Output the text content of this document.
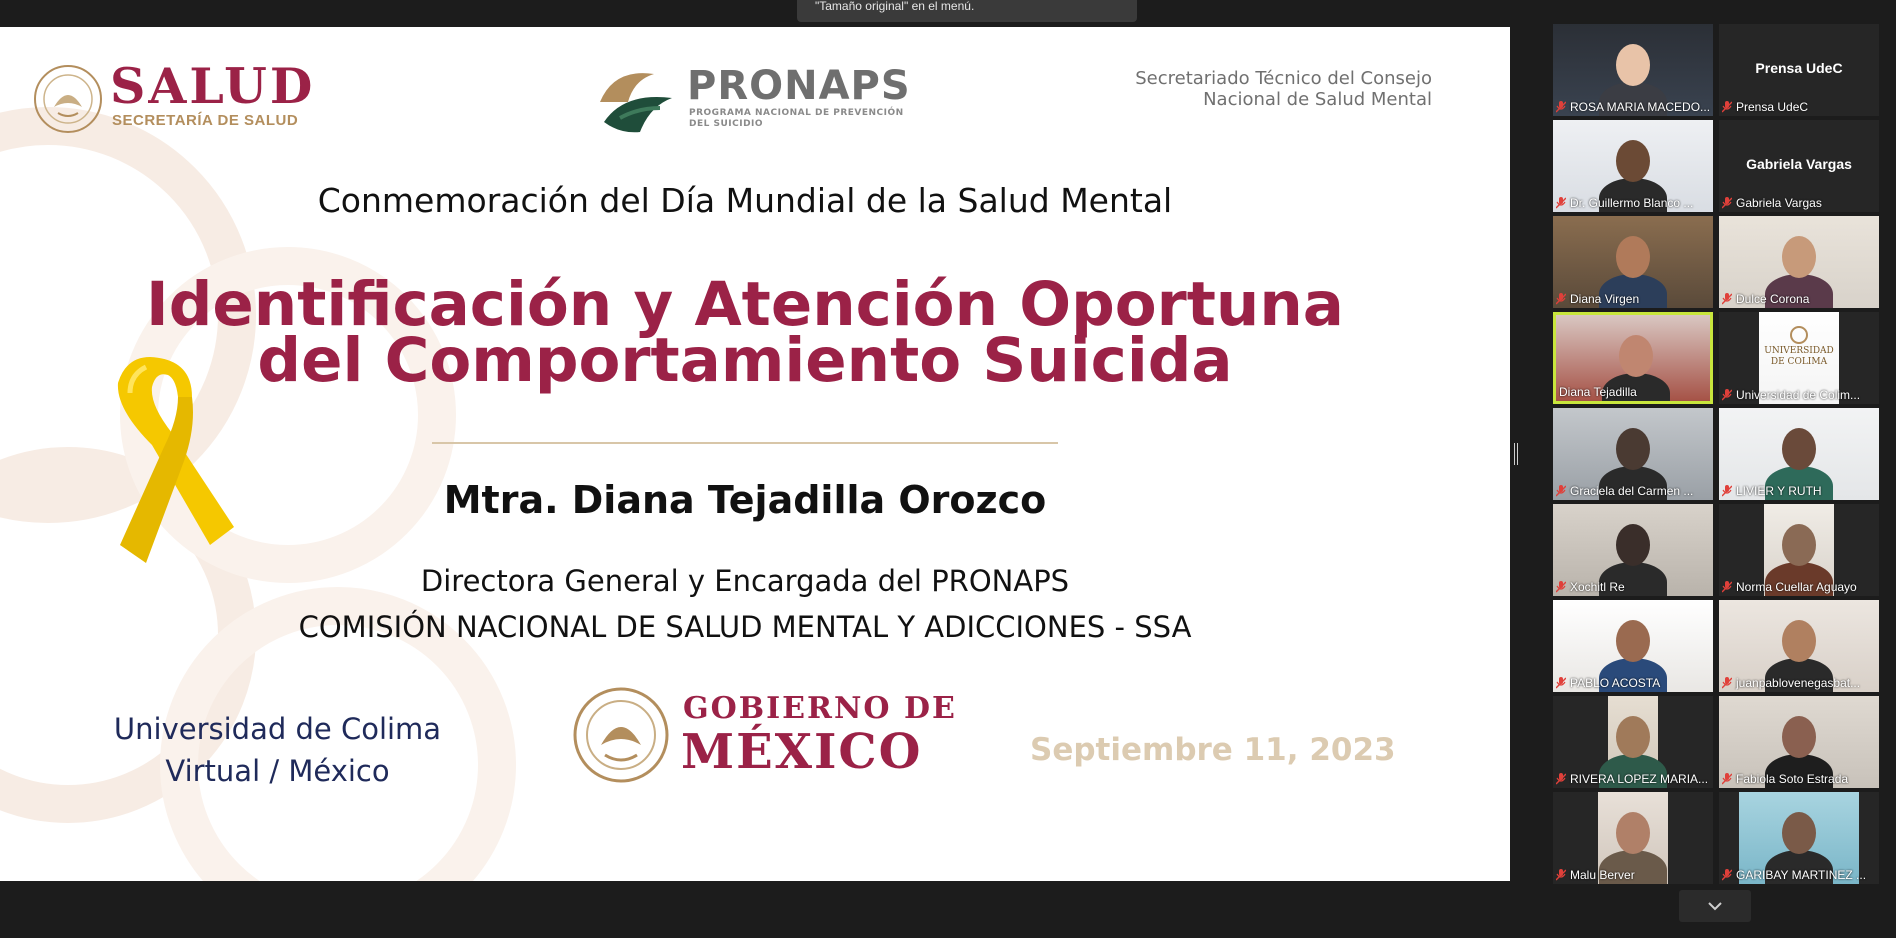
"Tamaño original" en el menú.
SALUD
SECRETARÍA DE SALUD
PRONAPS
PROGRAMA NACIONAL DE PREVENCIÓN
DEL SUICIDIO
Secretariado Técnico del Consejo
Nacional de Salud Mental
Conmemoración del Día Mundial de la Salud Mental
Identificación y Atención Oportuna
del Comportamiento Suicida
Mtra. Diana Tejadilla Orozco
Directora General y Encargada del PRONAPS
COMISIÓN NACIONAL DE SALUD MENTAL Y ADICCIONES - SSA
Universidad de Colima
Virtual / México
GOBIERNO DE
MÉXICO	Septiembre 11, 2023
ROSA MARIA MACEDO...
Prensa UdeC
Prensa UdeC
Dr. Guillermo Blanco ...
Gabriela Vargas
Gabriela Vargas
Diana Virgen	Dulce Corona
Diana Tejadilla
UNIVERSIDAD
DE COLIMA
Universidad de Colim...
Graciela del Carmen ...	LIVIER Y RUTH
Xochitl Re	Norma Cuellar Aguayo
PABLO ACOSTA	juanpablovenegasbat...
RIVERA LOPEZ MARIA... Fabiola Soto Estrada
Malu Berver	GARIBAY MARTINEZ ...
